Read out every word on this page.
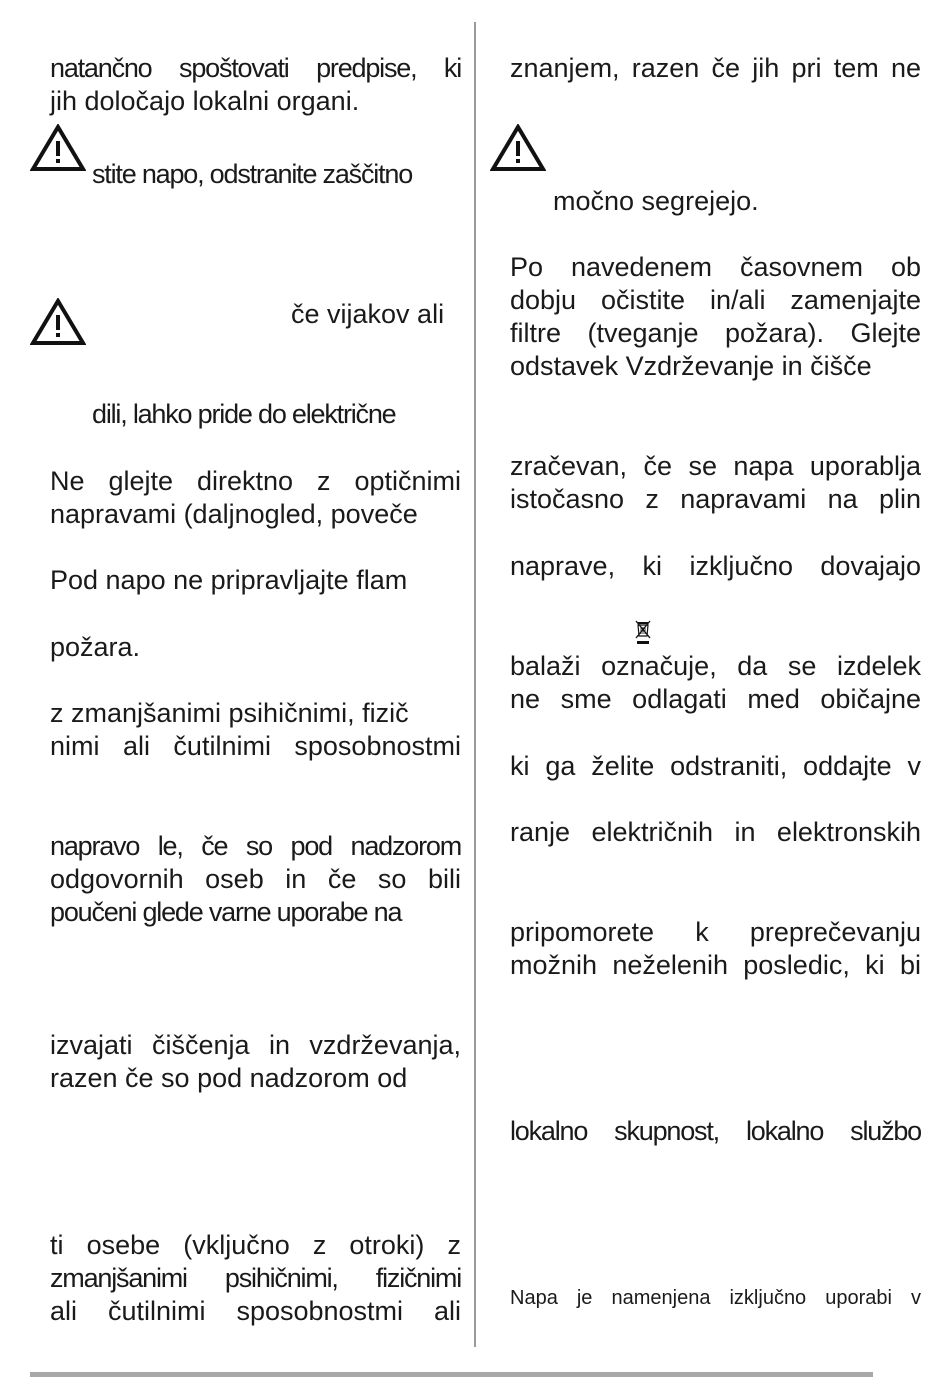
natančno spoštovati predpise, ki
jih določajo lokalni organi.
stite napo, odstranite zaščitno
če vijakov ali
dili, lahko pride do električne
Ne glejte direktno z optičnimi
napravami (daljnogled, poveče
Pod napo ne pripravljajte flam
požara.
z zmanjšanimi psihičnimi, fizič
nimi ali čutilnimi sposobnostmi
napravo le, če so pod nadzorom
odgovornih oseb in če so bili
poučeni glede varne uporabe na
izvajati čiščenja in vzdrževanja,
razen če so pod nadzorom od
ti osebe (vključno z otroki) z
zmanjšanimi psihičnimi, fizičnimi
ali čutilnimi sposobnostmi ali
znanjem, razen če jih pri tem ne
močno segrejejo.
Po navedenem časovnem ob
dobju očistite in/ali zamenjajte
filtre (tveganje požara). Glejte
odstavek Vzdrževanje in čišče
zračevan, če se napa uporablja
istočasno z napravami na plin
naprave, ki izključno dovajajo
balaži označuje, da se izdelek
ne sme odlagati med običajne
ki ga želite odstraniti, oddajte v
ranje električnih in elektronskih
pripomorete k preprečevanju
možnih neželenih posledic, ki bi
lokalno skupnost, lokalno službo
Napa je namenjena izključno uporabi v
